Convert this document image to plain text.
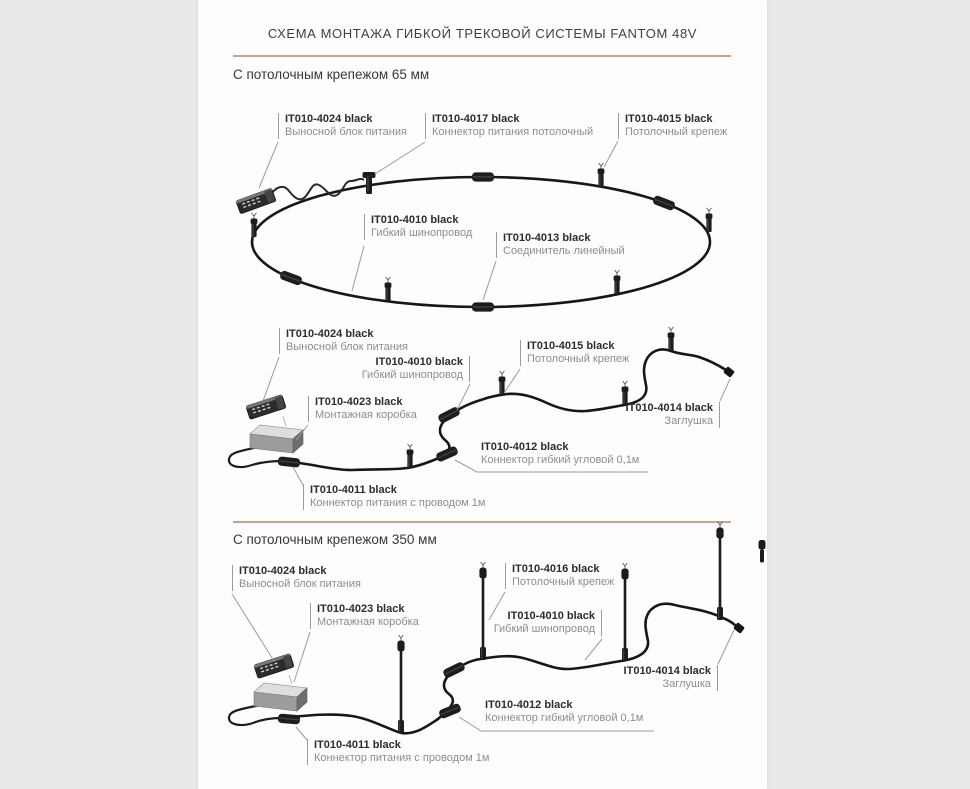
СХЕМА МОНТАЖА ГИБКОЙ ТРЕКОВОЙ СИСТЕМЫ FANTOM 48V
С потолочным крепежом 65 мм
С потолочным крепежом 350 мм
IT010-4024 black
Выносной блок питания
IT010-4017 black
Коннектор питания потолочный
IT010-4015 black
Потолочный крепеж
IT010-4010 black
Гибкий шинопровод	IT010-4013 black
Соединитель линейный
IT010-4024 black
Выносной блок питания
IT010-4010 black
Гибкий шинопровод
IT010-4015 black
Потолочный крепеж
IT010-4023 black
Монтажная коробка
IT010-4014 black
Заглушка
IT010-4012 black
Коннектор гибкий угловой 0,1м
IT010-4011 black
Коннектор питания с проводом 1м
IT010-4024 black
Выносной блок питания
IT010-4016 black
Потолочный крепеж
IT010-4023 black
Монтажная коробка	IT010-4010 black
Гибкий шинопровод
IT010-4014 black
Заглушка
IT010-4012 black
Коннектор гибкий угловой 0,1м
IT010-4011 black
Коннектор питания с проводом 1м
